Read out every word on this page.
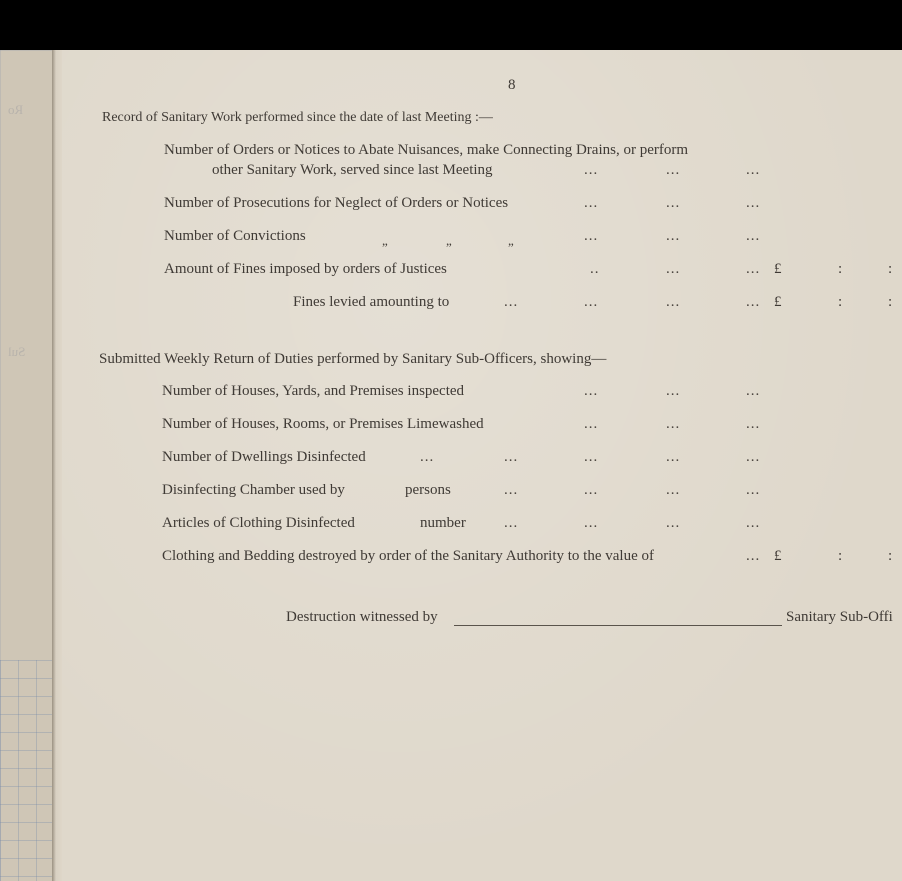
Ro
Sul
8
Record of Sanitary Work performed since the date of last Meeting :—
Number of Orders or Notices to Abate Nuisances, make Connecting Drains, or perform
other Sanitary Work, served since last Meeting	...	...	...
Number of Prosecutions for Neglect of Orders or Notices	...	...	...
Number of Convictions	„	„	„	...	...	...
Amount of Fines imposed by orders of Justices	..	...	... £	:	:
Fines levied amounting to	...	...	...	... £	:	:
Submitted Weekly Return of Duties performed by Sanitary Sub-Officers, showing—
Number of Houses, Yards, and Premises inspected	...	...	...
Number of Houses, Rooms, or Premises Limewashed	...	...	...
Number of Dwellings Disinfected	...	...	...	...	...
Disinfecting Chamber used by	persons	...	...	...	...
Articles of Clothing Disinfected	number	...	...	...	...
Clothing and Bedding destroyed by order of the Sanitary Authority to the value of	... £	:	:
Destruction witnessed by	Sanitary Sub-Offi
